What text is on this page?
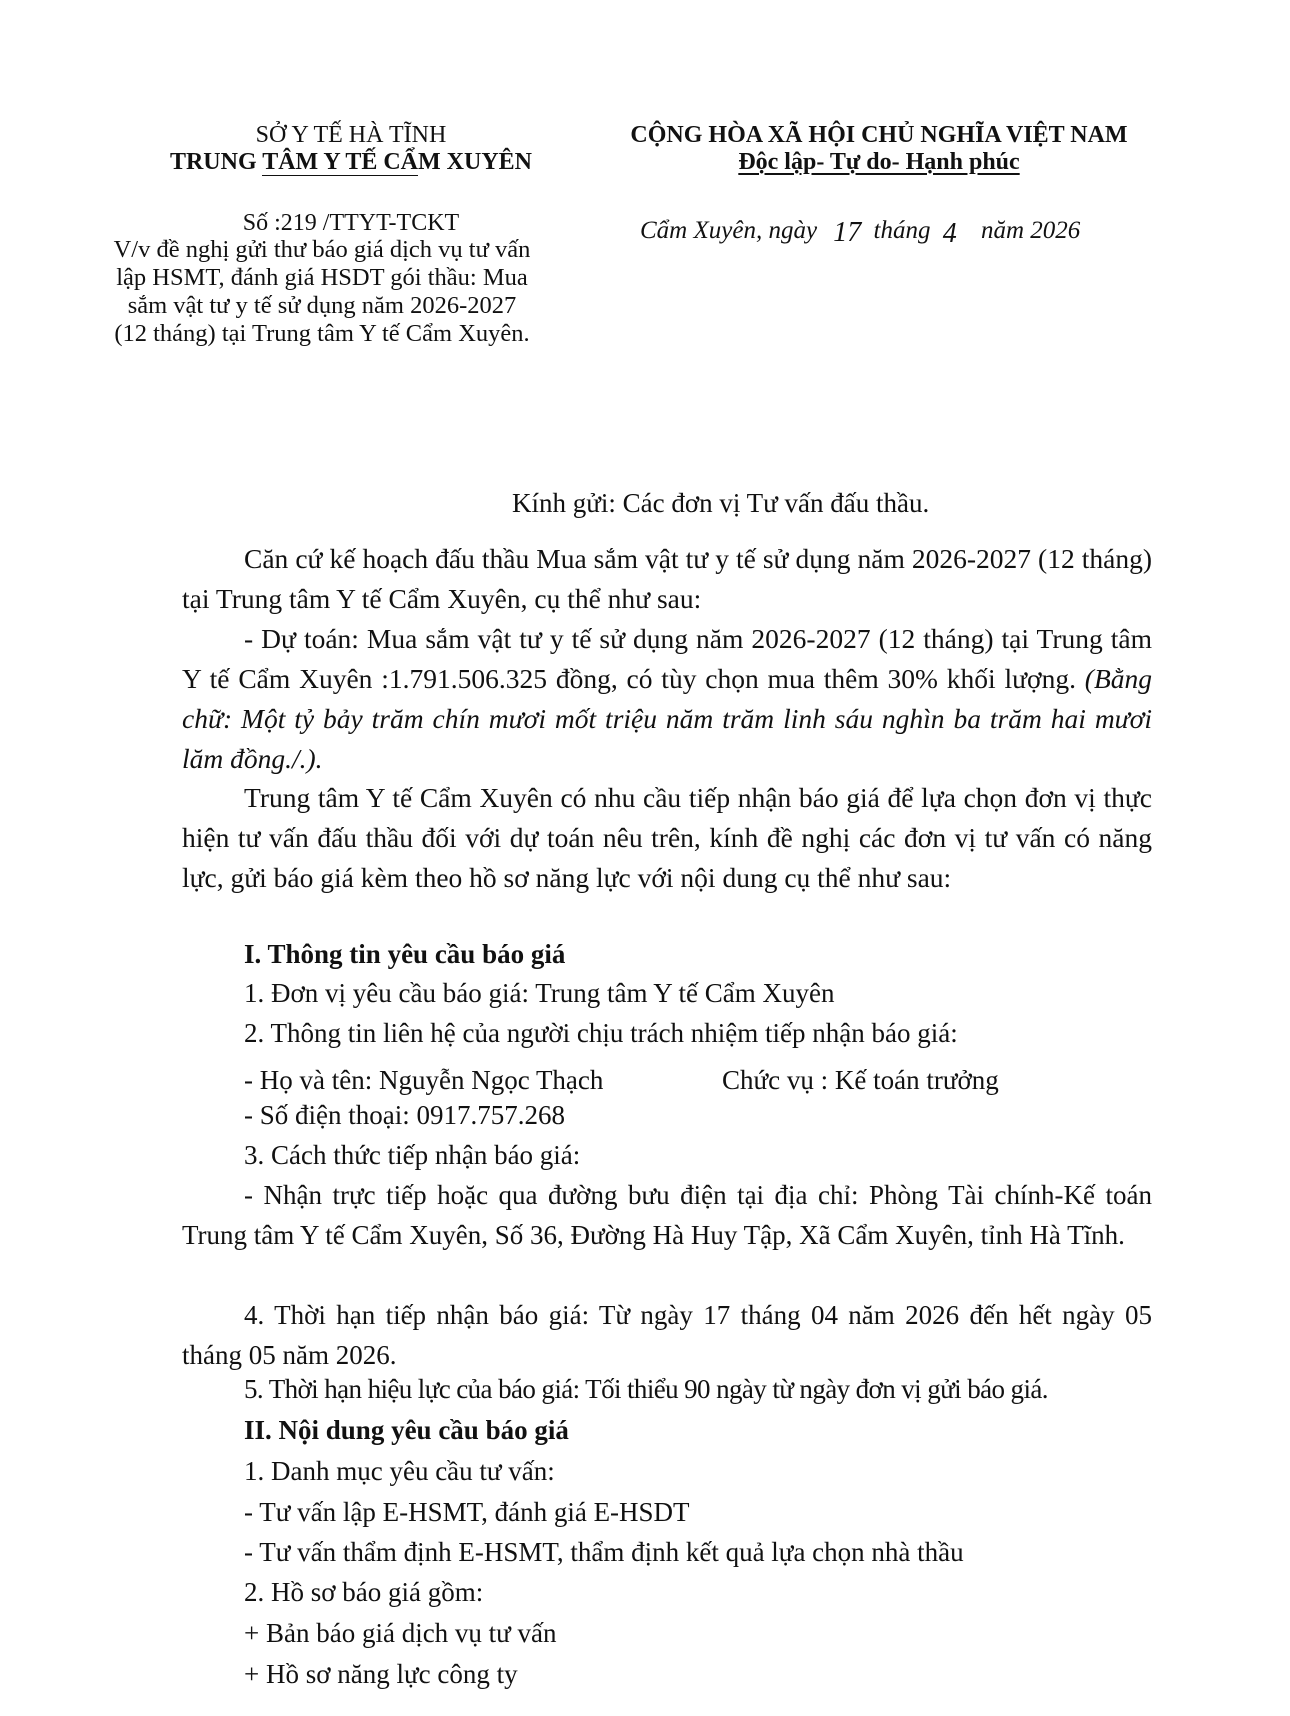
SỞ Y TẾ HÀ TĨNH
TRUNG TÂM Y TẾ CẨM XUYÊN
Số :219 /TTYT-TCKT
V/v đề nghị gửi thư báo giá dịch vụ tư vấn lập HSMT, đánh giá HSDT gói thầu: Mua sắm vật tư y tế sử dụng năm 2026-2027 (12 tháng) tại Trung tâm Y tế Cẩm Xuyên.
CỘNG HÒA XÃ HỘI CHỦ NGHĨA VIỆT NAM
Độc lập- Tự do- Hạnh phúc
Cẩm Xuyên, ngày 17 tháng 4 năm 2026
Kính gửi: Các đơn vị Tư vấn đấu thầu.
Căn cứ kế hoạch đấu thầu Mua sắm vật tư y tế sử dụng năm 2026-2027 (12 tháng) tại Trung tâm Y tế Cẩm Xuyên, cụ thể như sau:
- Dự toán: Mua sắm vật tư y tế sử dụng năm 2026-2027 (12 tháng) tại Trung tâm Y tế Cẩm Xuyên :1.791.506.325 đồng, có tùy chọn mua thêm 30% khối lượng. (Bằng chữ: Một tỷ bảy trăm chín mươi mốt triệu năm trăm linh sáu nghìn ba trăm hai mươi lăm đồng./.).
Trung tâm Y tế Cẩm Xuyên có nhu cầu tiếp nhận báo giá để lựa chọn đơn vị thực hiện tư vấn đấu thầu đối với dự toán nêu trên, kính đề nghị các đơn vị tư vấn có năng lực, gửi báo giá kèm theo hồ sơ năng lực với nội dung cụ thể như sau:
I. Thông tin yêu cầu báo giá
1. Đơn vị yêu cầu báo giá: Trung tâm Y tế Cẩm Xuyên
2. Thông tin liên hệ của người chịu trách nhiệm tiếp nhận báo giá:
- Họ và tên: Nguyễn Ngọc Thạch	Chức vụ : Kế toán trưởng
- Số điện thoại: 0917.757.268
3. Cách thức tiếp nhận báo giá:
- Nhận trực tiếp hoặc qua đường bưu điện tại địa chỉ: Phòng Tài chính-Kế toán Trung tâm Y tế Cẩm Xuyên, Số 36, Đường Hà Huy Tập, Xã Cẩm Xuyên, tỉnh Hà Tĩnh.
4. Thời hạn tiếp nhận báo giá: Từ ngày 17 tháng 04 năm 2026 đến hết ngày 05 tháng 05 năm 2026.
5. Thời hạn hiệu lực của báo giá: Tối thiểu 90 ngày từ ngày đơn vị gửi báo giá.
II. Nội dung yêu cầu báo giá
1. Danh mục yêu cầu tư vấn:
- Tư vấn lập E-HSMT, đánh giá E-HSDT
- Tư vấn thẩm định E-HSMT, thẩm định kết quả lựa chọn nhà thầu
2. Hồ sơ báo giá gồm:
+ Bản báo giá dịch vụ tư vấn
+ Hồ sơ năng lực công ty
